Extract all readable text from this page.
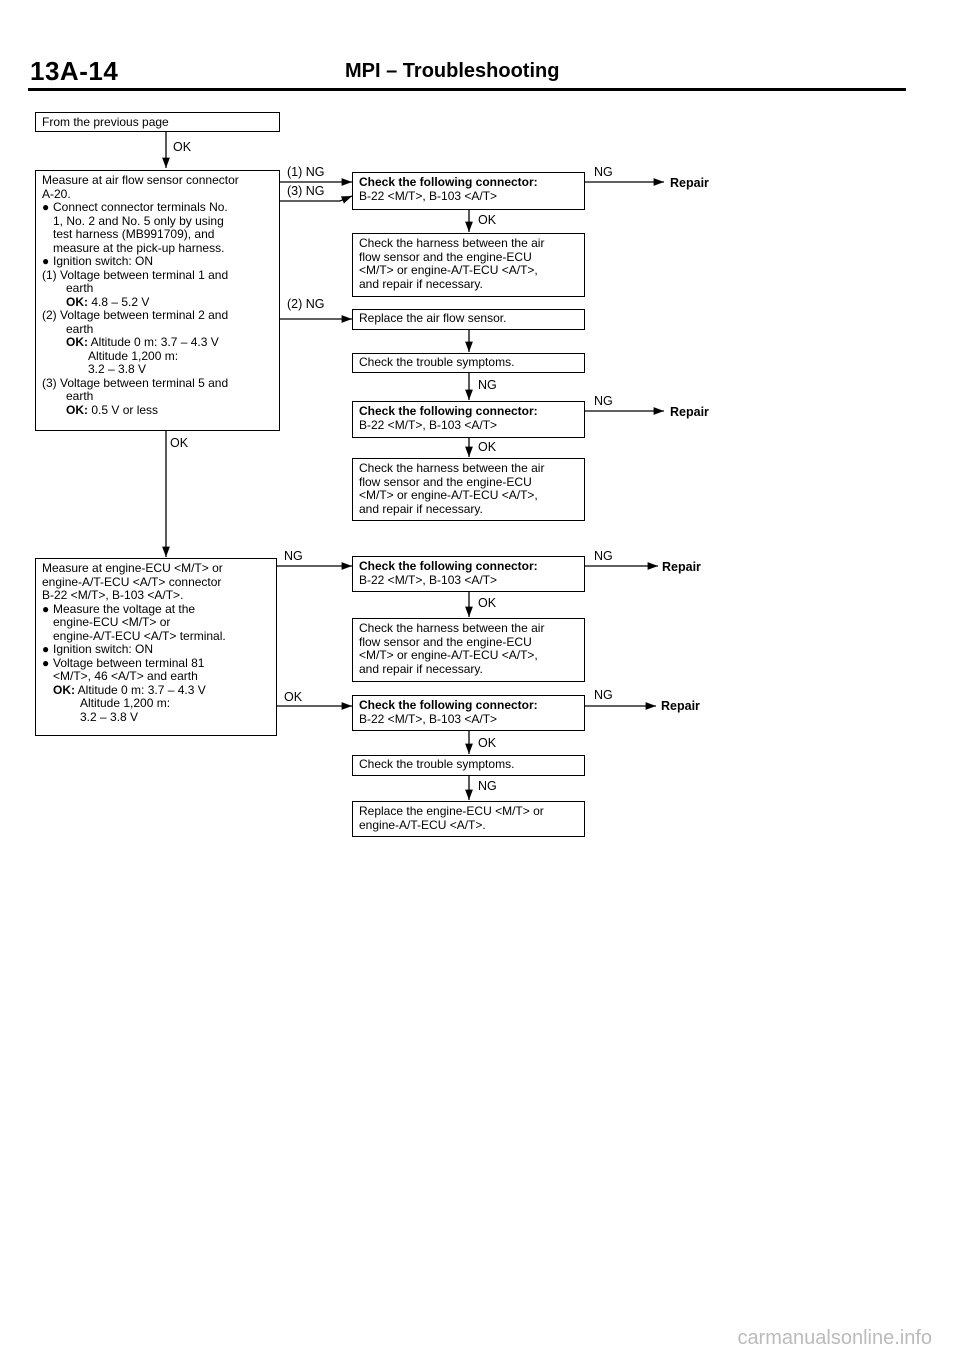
13A-14	MPI – Troubleshooting
From the previous page
OK
Measure at air flow sensor connector
A-20.
● Connect connector terminals No.
1, No. 2 and No. 5 only by using
test harness (MB991709), and
measure at the pick-up harness.
● Ignition switch: ON
(1) Voltage between terminal 1 and
earth
OK: 4.8 – 5.2 V
(2) Voltage between terminal 2 and
earth
OK: Altitude 0 m: 3.7 – 4.3 V
Altitude 1,200 m:
3.2 – 3.8 V
(3) Voltage between terminal 5 and
earth
OK: 0.5 V or less
OK
(1) NG
(3) NG
(2) NG
Check the following connector:
B-22 <M/T>, B-103 <A/T>
NG
Repair
OK
Check the harness between the air
flow sensor and the engine-ECU
<M/T> or engine-A/T-ECU <A/T>,
and repair if necessary.
Replace the air flow sensor.
Check the trouble symptoms.
NG
Check the following connector:
B-22 <M/T>, B-103 <A/T>
NG
Repair
OK
Check the harness between the air
flow sensor and the engine-ECU
<M/T> or engine-A/T-ECU <A/T>,
and repair if necessary.
Measure at engine-ECU <M/T> or
engine-A/T-ECU <A/T> connector
B-22 <M/T>, B-103 <A/T>.
● Measure the voltage at the
engine-ECU <M/T> or
engine-A/T-ECU <A/T> terminal.
● Ignition switch: ON
● Voltage between terminal 81
<M/T>, 46 <A/T> and earth
OK: Altitude 0 m: 3.7 – 4.3 V
Altitude 1,200 m:
3.2 – 3.8 V
NG
OK
Check the following connector:
B-22 <M/T>, B-103 <A/T>
NG
Repair
OK
Check the harness between the air
flow sensor and the engine-ECU
<M/T> or engine-A/T-ECU <A/T>,
and repair if necessary.
Check the following connector:
B-22 <M/T>, B-103 <A/T>
NG
Repair
OK
Check the trouble symptoms.
NG
Replace the engine-ECU <M/T> or
engine-A/T-ECU <A/T>.
carmanualsonline.info
